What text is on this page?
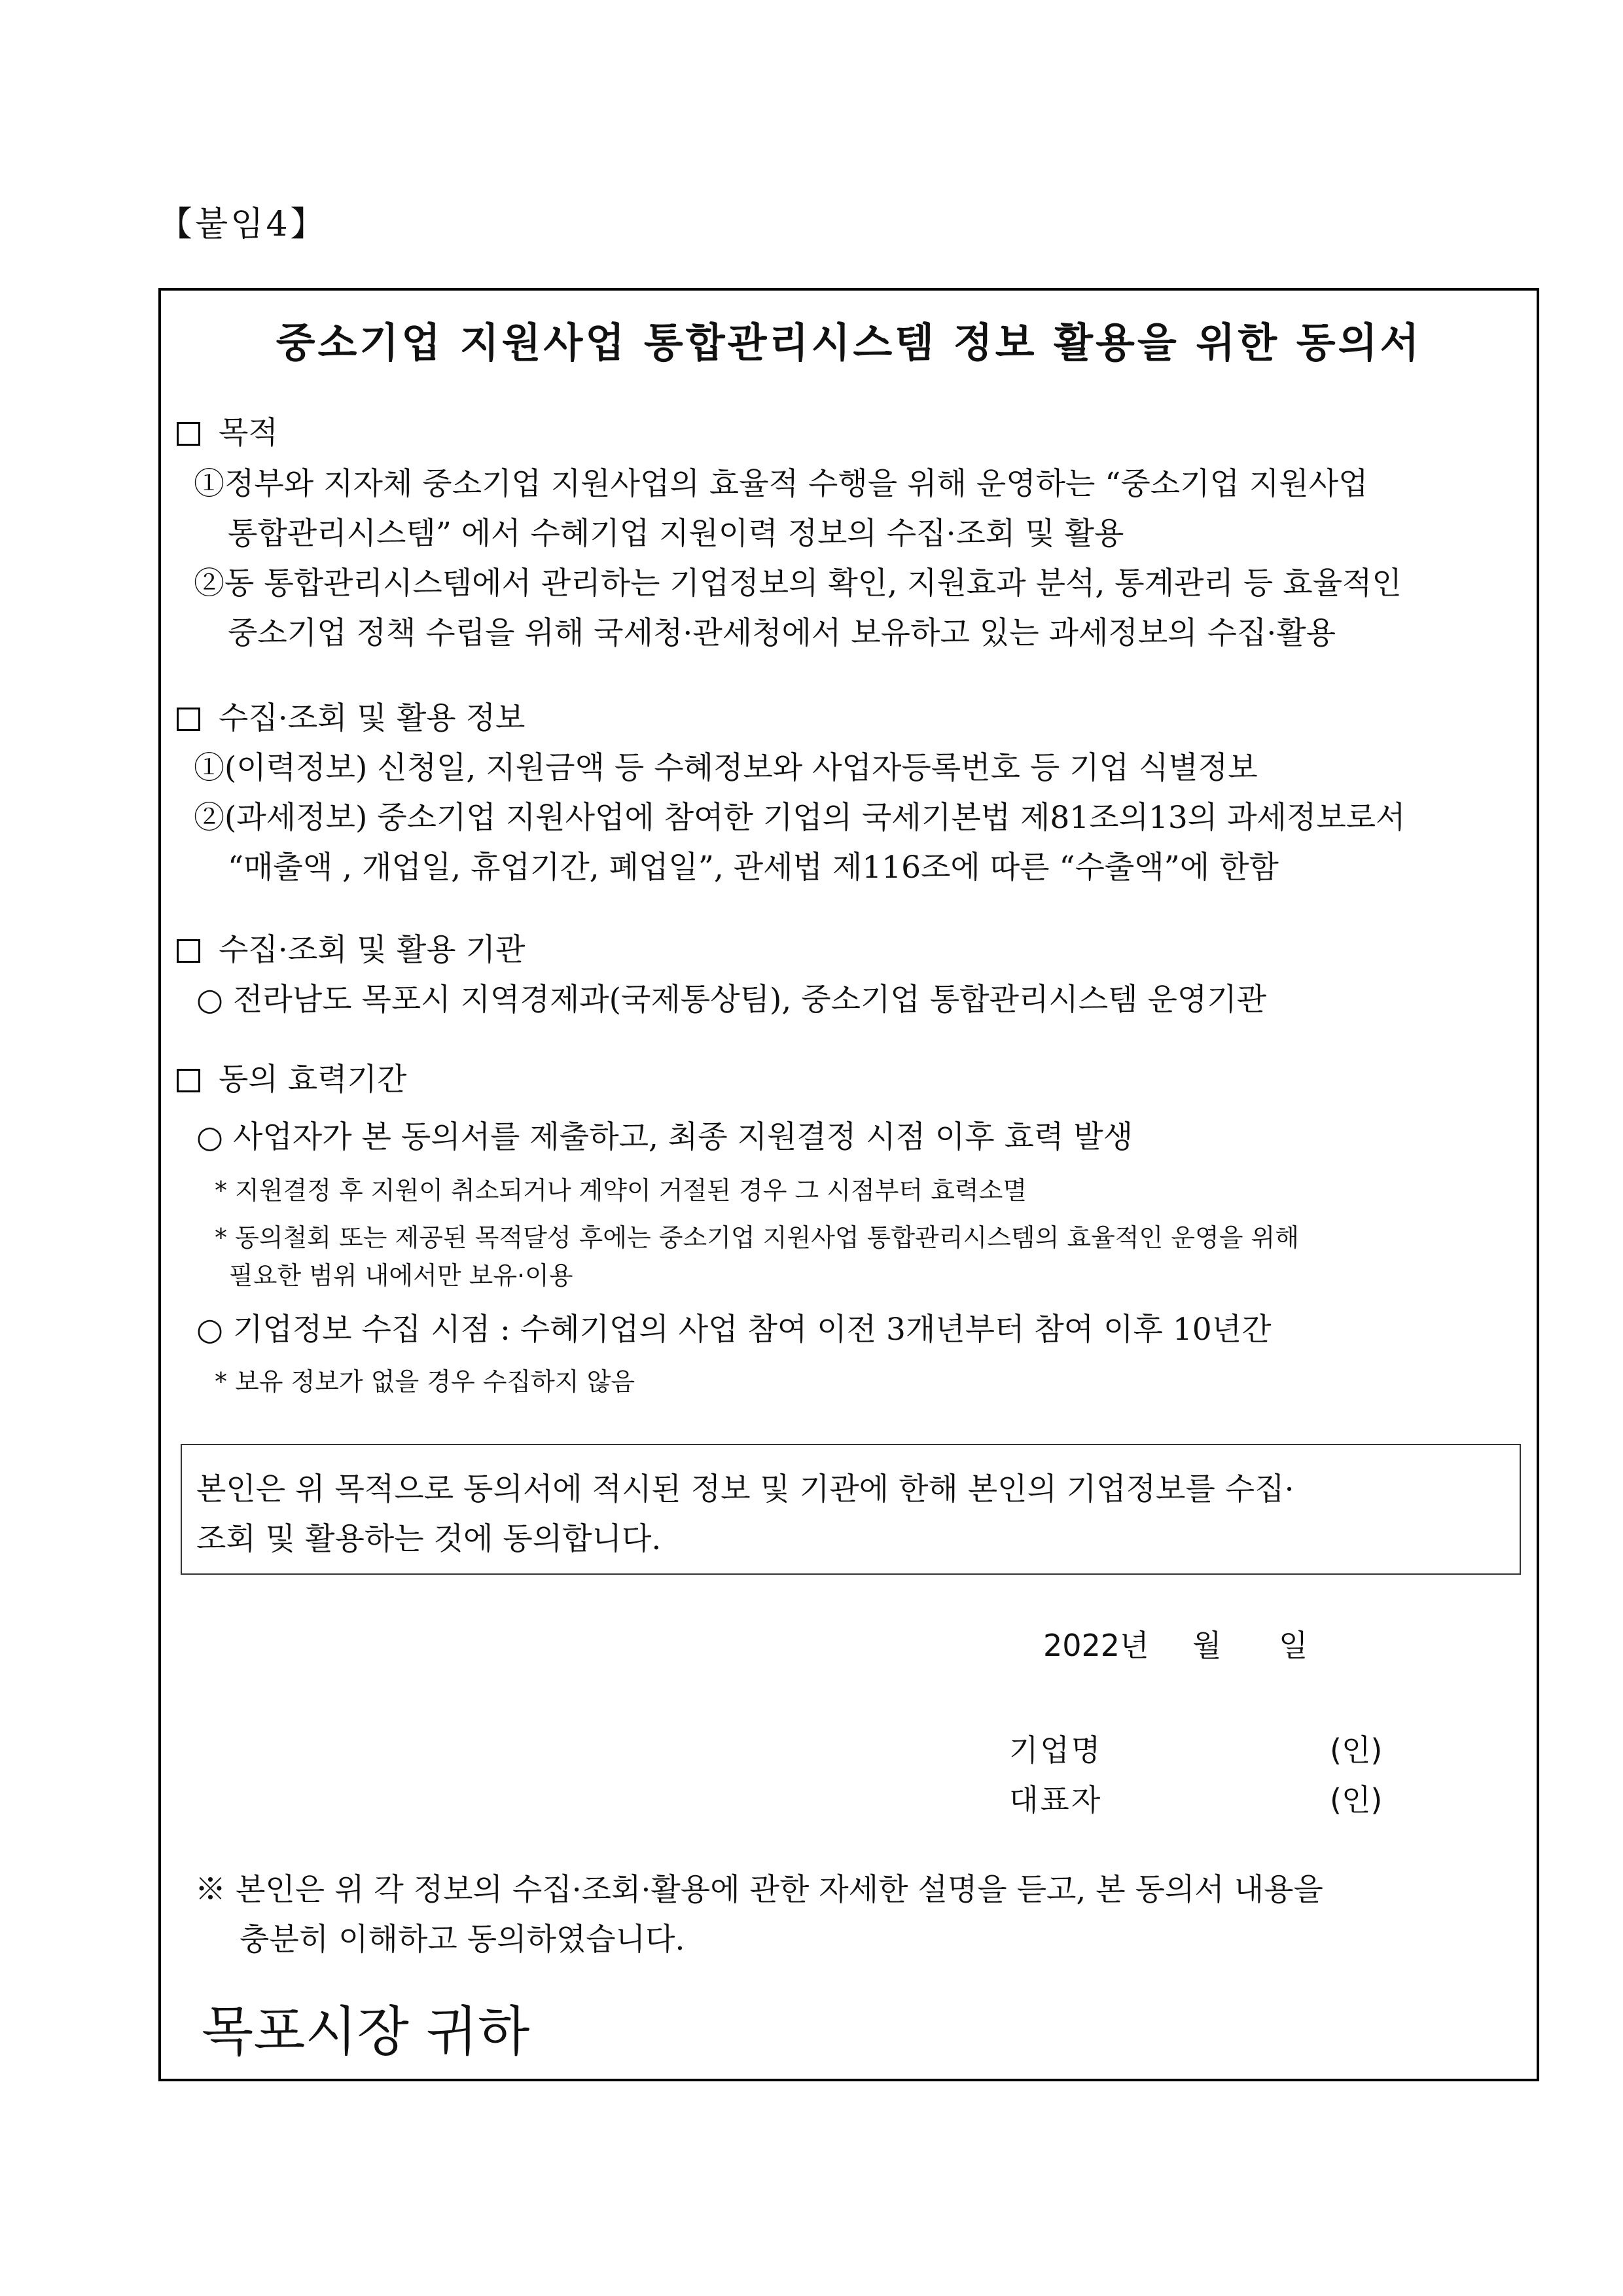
【붙임4】
중소기업 지원사업 통합관리시스템 정보 활용을 위한 동의서
목적
①정부와 지자체 중소기업 지원사업의 효율적 수행을 위해 운영하는 “중소기업 지원사업
통합관리시스템” 에서 수혜기업 지원이력 정보의 수집·조회 및 활용
②동 통합관리시스템에서 관리하는 기업정보의 확인, 지원효과 분석, 통계관리 등 효율적인
중소기업 정책 수립을 위해 국세청·관세청에서 보유하고 있는 과세정보의 수집·활용
수집·조회 및 활용 정보
①(이력정보) 신청일, 지원금액 등 수혜정보와 사업자등록번호 등 기업 식별정보
②(과세정보) 중소기업 지원사업에 참여한 기업의 국세기본법 제81조의13의 과세정보로서
“매출액 , 개업일, 휴업기간, 폐업일”, 관세법 제116조에 따른 “수출액”에 한함
수집·조회 및 활용 기관
○ 전라남도 목포시 지역경제과(국제통상팀), 중소기업 통합관리시스템 운영기관
동의 효력기간
○ 사업자가 본 동의서를 제출하고, 최종 지원결정 시점 이후 효력 발생
* 지원결정 후 지원이 취소되거나 계약이 거절된 경우 그 시점부터 효력소멸
* 동의철회 또는 제공된 목적달성 후에는 중소기업 지원사업 통합관리시스템의 효율적인 운영을 위해
필요한 범위 내에서만 보유·이용
○ 기업정보 수집 시점 : 수혜기업의 사업 참여 이전 3개년부터 참여 이후 10년간
* 보유 정보가 없을 경우 수집하지 않음
본인은 위 목적으로 동의서에 적시된 정보 및 기관에 한해 본인의 기업정보를 수집·
조회 및 활용하는 것에 동의합니다.
2022년 월 일
기업명	(인)
대표자	(인)
※ 본인은 위 각 정보의 수집·조회·활용에 관한 자세한 설명을 듣고, 본 동의서 내용을
충분히 이해하고 동의하였습니다.
목포시장 귀하
